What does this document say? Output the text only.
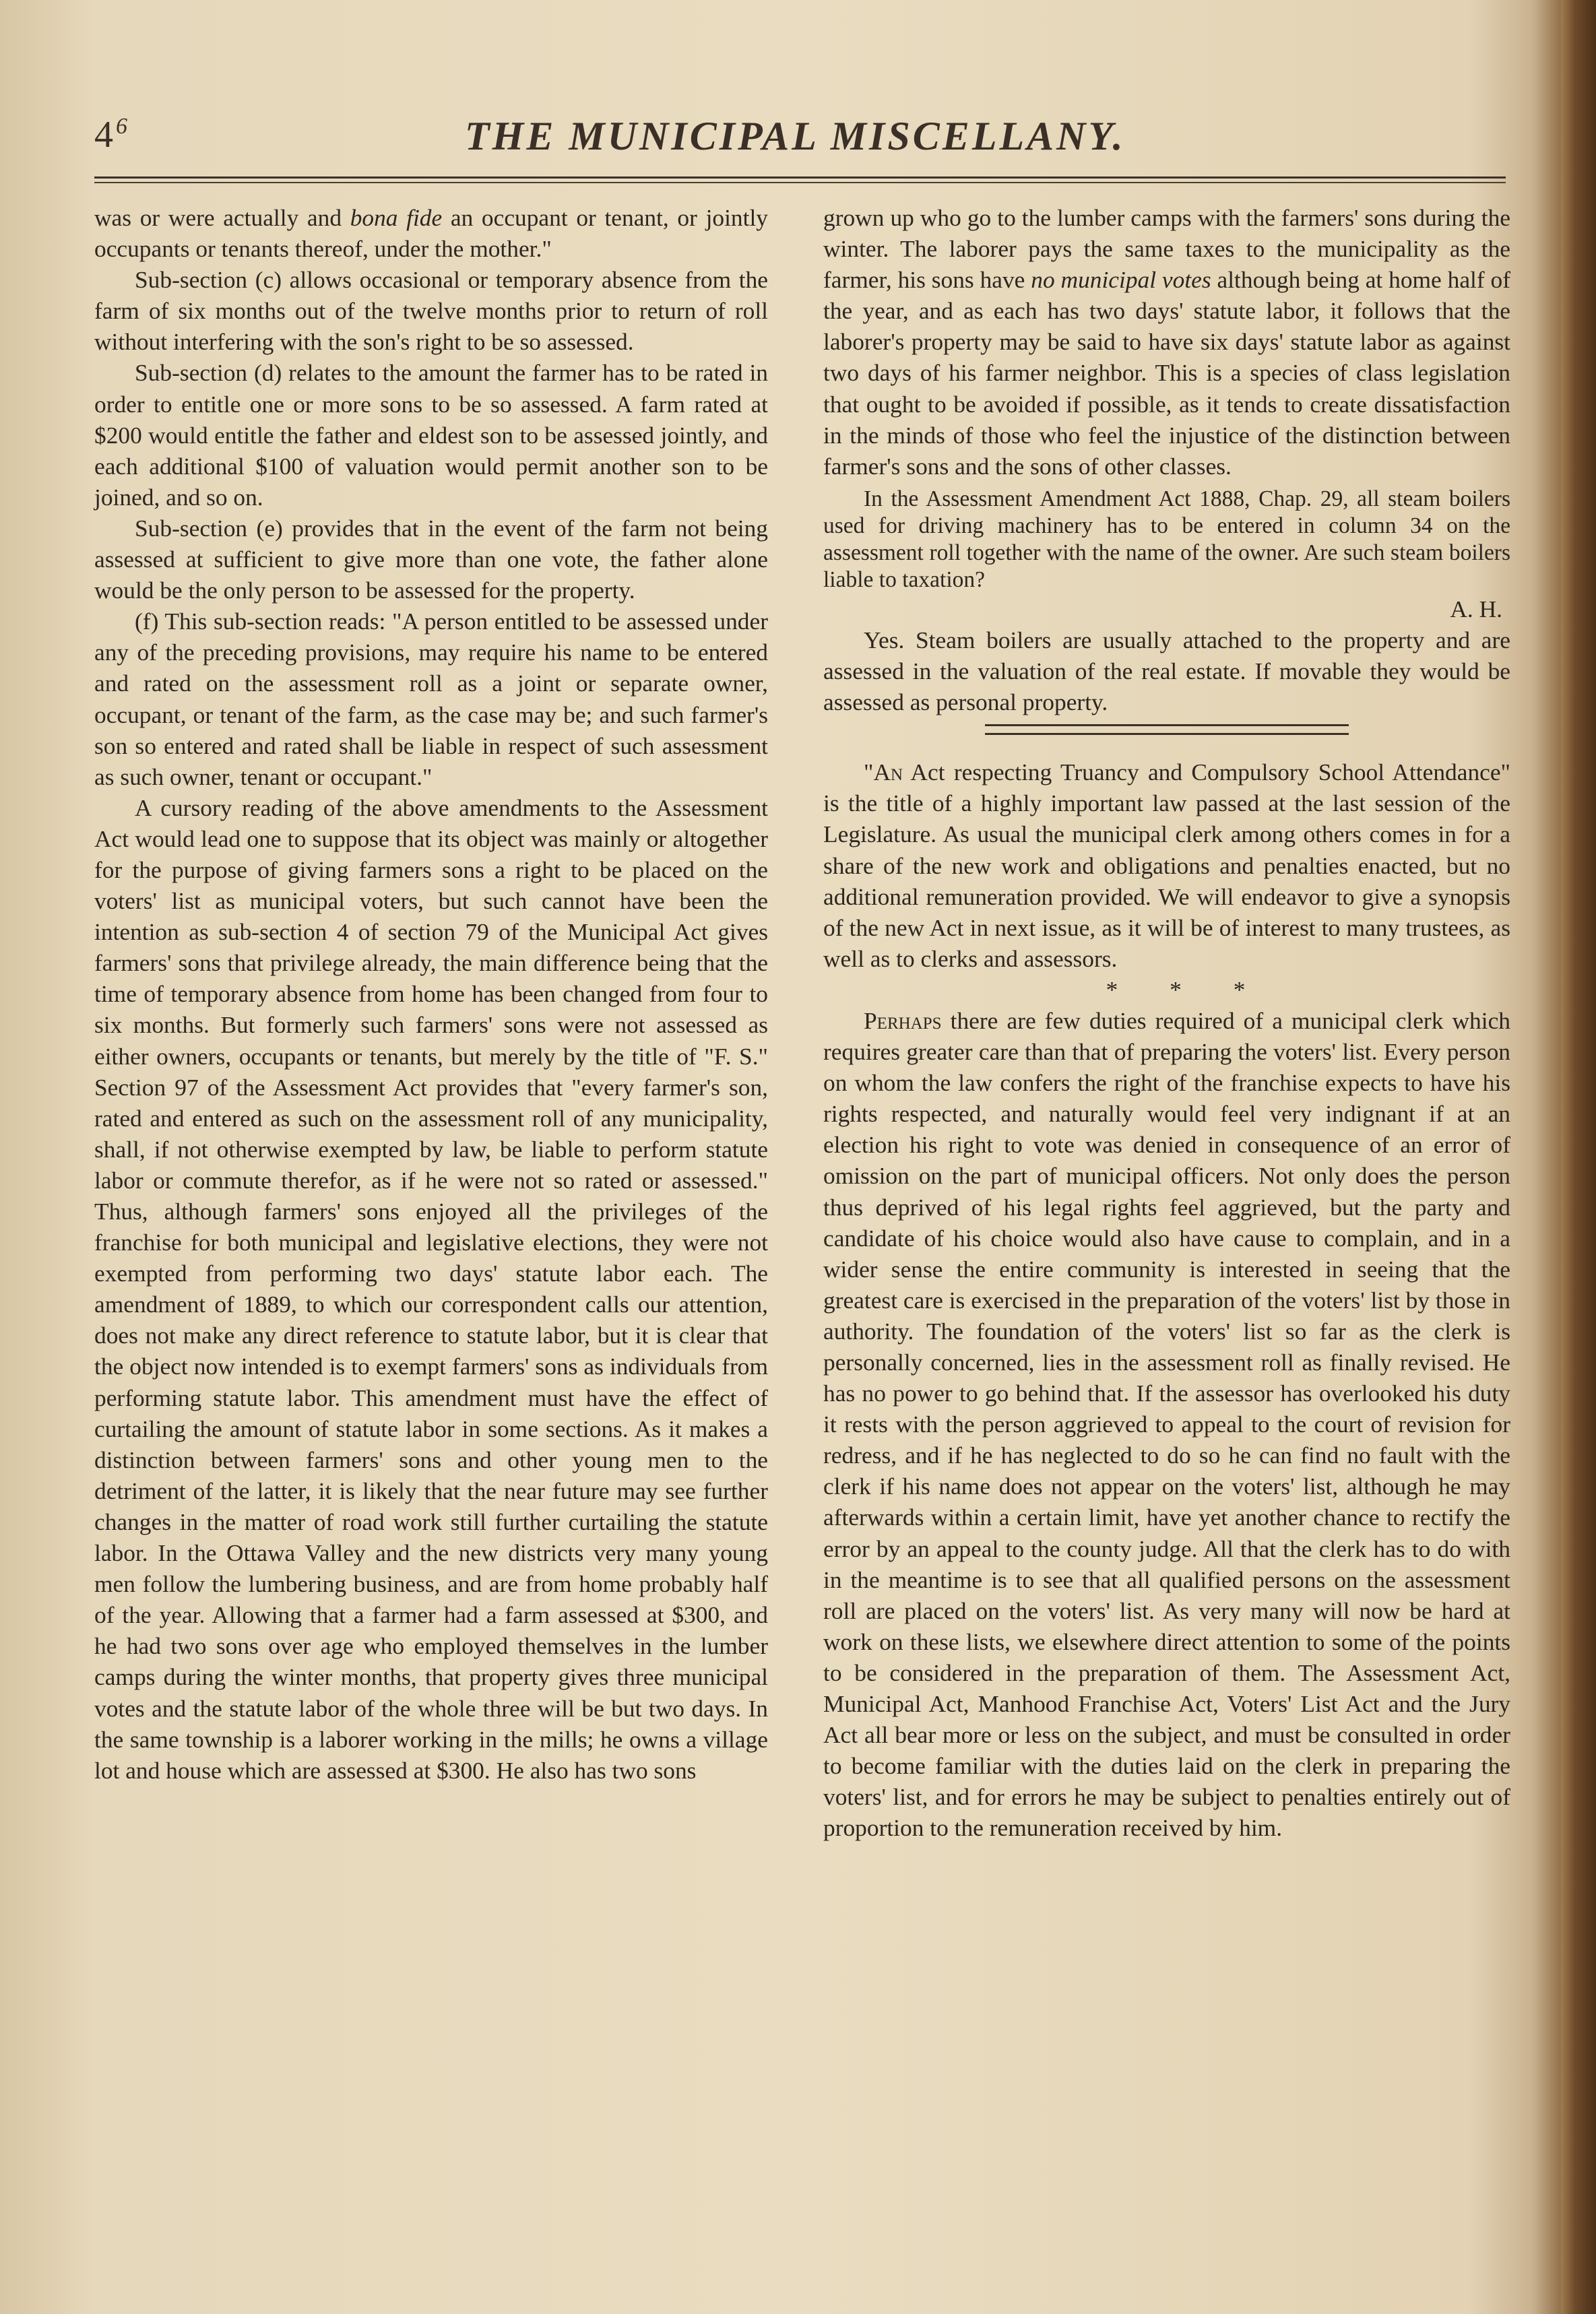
4 $^6$	THE MUNICIPAL MISCELLANY.

was or were actually and bona fide an occupant or tenant, or jointly occupants or tenants thereof, under the mother."

Sub-section (c) allows occasional or temporary absence from the farm of six months out of the twelve months prior to return of roll without interfering with the son's right to be so assessed.

Sub-section (d) relates to the amount the farmer has to be rated in order to entitle one or more sons to be so assessed. A farm rated at $200 would entitle the father and eldest son to be assessed jointly, and each additional $100 of valuation would permit another son to be joined, and so on.

Sub-section (e) provides that in the event of the farm not being assessed at sufficient to give more than one vote, the father alone would be the only person to be assessed for the property.

(f) This sub-section reads: "A person entitled to be assessed under any of the preceding provisions, may require his name to be entered and rated on the assessment roll as a joint or separate owner, occupant, or tenant of the farm, as the case may be; and such farmer's son so entered and rated shall be liable in respect of such assessment as such owner, tenant or occupant."

A cursory reading of the above amendments to the Assessment Act would lead one to suppose that its object was mainly or altogether for the purpose of giving farmers sons a right to be placed on the voters' list as municipal voters, but such cannot have been the intention as sub-section 4 of section 79 of the Municipal Act gives farmers' sons that privilege already, the main difference being that the time of temporary absence from home has been changed from four to six months. But formerly such farmers' sons were not assessed as either owners, occupants or tenants, but merely by the title of "F. S." Section 97 of the Assessment Act provides that "every farmer's son, rated and entered as such on the assessment roll of any municipality, shall, if not otherwise exempted by law, be liable to perform statute labor or commute therefor, as if he were not so rated or assessed." Thus, although farmers' sons enjoyed all the privileges of the franchise for both municipal and legislative elections, they were not exempted from performing two days' statute labor each. The amendment of 1889, to which our correspondent calls our attention, does not make any direct reference to statute labor, but it is clear that the object now intended is to exempt farmers' sons as individuals from performing statute labor. This amendment must have the effect of curtailing the amount of statute labor in some sections. As it makes a distinction between farmers' sons and other young men to the detriment of the latter, it is likely that the near future may see further changes in the matter of road work still further curtailing the statute labor. In the Ottawa Valley and the new districts very many young men follow the lumbering business, and are from home probably half of the year. Allowing that a farmer had a farm assessed at $300, and he had two sons over age who employed themselves in the lumber camps during the winter months, that property gives three municipal votes and the statute labor of the whole three will be but two days. In the same township is a laborer working in the mills; he owns a village lot and house which are assessed at $300. He also has two sons

grown up who go to the lumber camps with the farmers' sons during the winter. The laborer pays the same taxes to the municipality as the farmer, his sons have no municipal votes although being at home half of the year, and as each has two days' statute labor, it follows that the laborer's property may be said to have six days' statute labor as against two days of his farmer neighbor. This is a species of class legislation that ought to be avoided if possible, as it tends to create dissatisfaction in the minds of those who feel the injustice of the distinction between farmer's sons and the sons of other classes.

In the Assessment Amendment Act 1888, Chap. 29, all steam boilers used for driving machinery has to be entered in column 34 on the assessment roll together with the name of the owner. Are such steam boilers liable to taxation?

A. H.

Yes. Steam boilers are usually attached to the property and are assessed in the valuation of the real estate. If movable they would be assessed as personal property.

"An Act respecting Truancy and Compulsory School Attendance" is the title of a highly important law passed at the last session of the Legislature. As usual the municipal clerk among others comes in for a share of the new work and obligations and penalties enacted, but no additional remuneration provided. We will endeavor to give a synopsis of the new Act in next issue, as it will be of interest to many trustees, as well as to clerks and assessors.

* * *

Perhaps there are few duties required of a municipal clerk which requires greater care than that of preparing the voters' list. Every person on whom the law confers the right of the franchise expects to have his rights respected, and naturally would feel very indignant if at an election his right to vote was denied in consequence of an error of omission on the part of municipal officers. Not only does the person thus deprived of his legal rights feel aggrieved, but the party and candidate of his choice would also have cause to complain, and in a wider sense the entire community is interested in seeing that the greatest care is exercised in the preparation of the voters' list by those in authority. The foundation of the voters' list so far as the clerk is personally concerned, lies in the assessment roll as finally revised. He has no power to go behind that. If the assessor has overlooked his duty it rests with the person aggrieved to appeal to the court of revision for redress, and if he has neglected to do so he can find no fault with the clerk if his name does not appear on the voters' list, although he may afterwards within a certain limit, have yet another chance to rectify the error by an appeal to the county judge. All that the clerk has to do with in the meantime is to see that all qualified persons on the assessment roll are placed on the voters' list. As very many will now be hard at work on these lists, we elsewhere direct attention to some of the points to be considered in the preparation of them. The Assessment Act, Municipal Act, Manhood Franchise Act, Voters' List Act and the Jury Act all bear more or less on the subject, and must be consulted in order to become familiar with the duties laid on the clerk in preparing the voters' list, and for errors he may be subject to penalties entirely out of proportion to the remuneration received by him.
